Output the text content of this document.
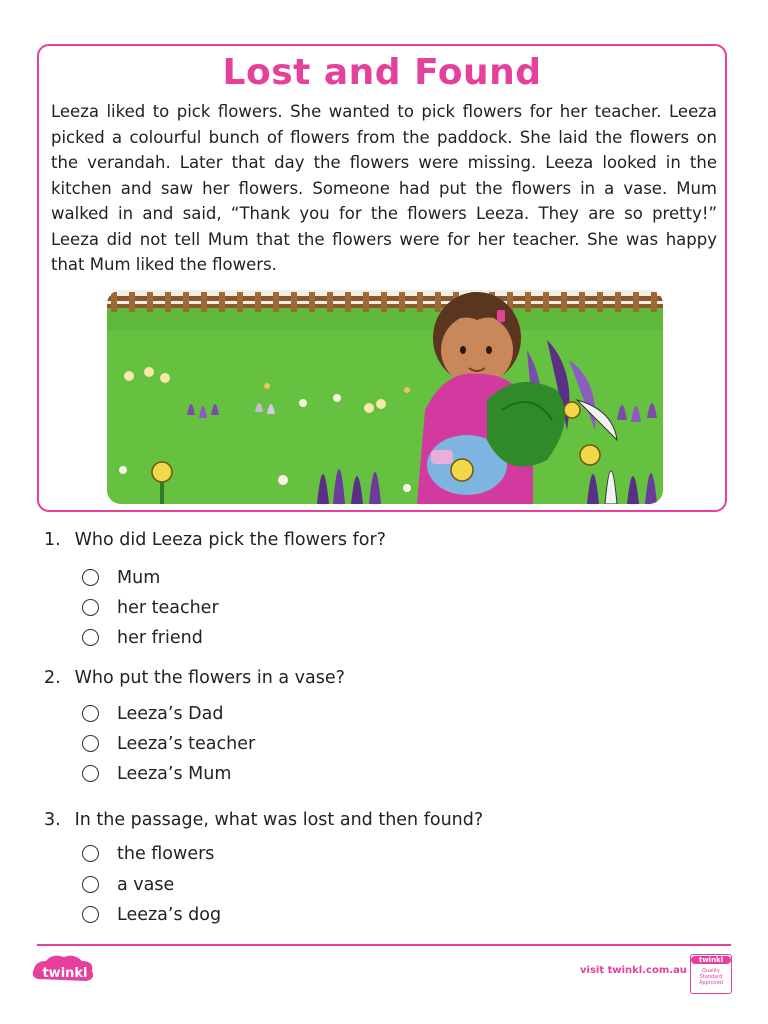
Lost and Found
Leeza liked to pick flowers. She wanted to pick flowers for her teacher. Leeza picked a colourful bunch of flowers from the paddock. She laid the flowers on the verandah. Later that day the flowers were missing. Leeza looked in the kitchen and saw her flowers. Someone had put the flowers in a vase. Mum walked in and said, “Thank you for the flowers Leeza. They are so pretty!” Leeza did not tell Mum that the flowers were for her teacher. She was happy that Mum liked the flowers.
1. Who did Leeza pick the flowers for?
Mum
her teacher
her friend
2. Who put the flowers in a vase?
Leeza’s Dad
Leeza’s teacher
Leeza’s Mum
3. In the passage, what was lost and then found?
the flowers
a vase
Leeza’s dog
twinkl	visit twinkl.com.au
twinkl
Quality Standard Approved
